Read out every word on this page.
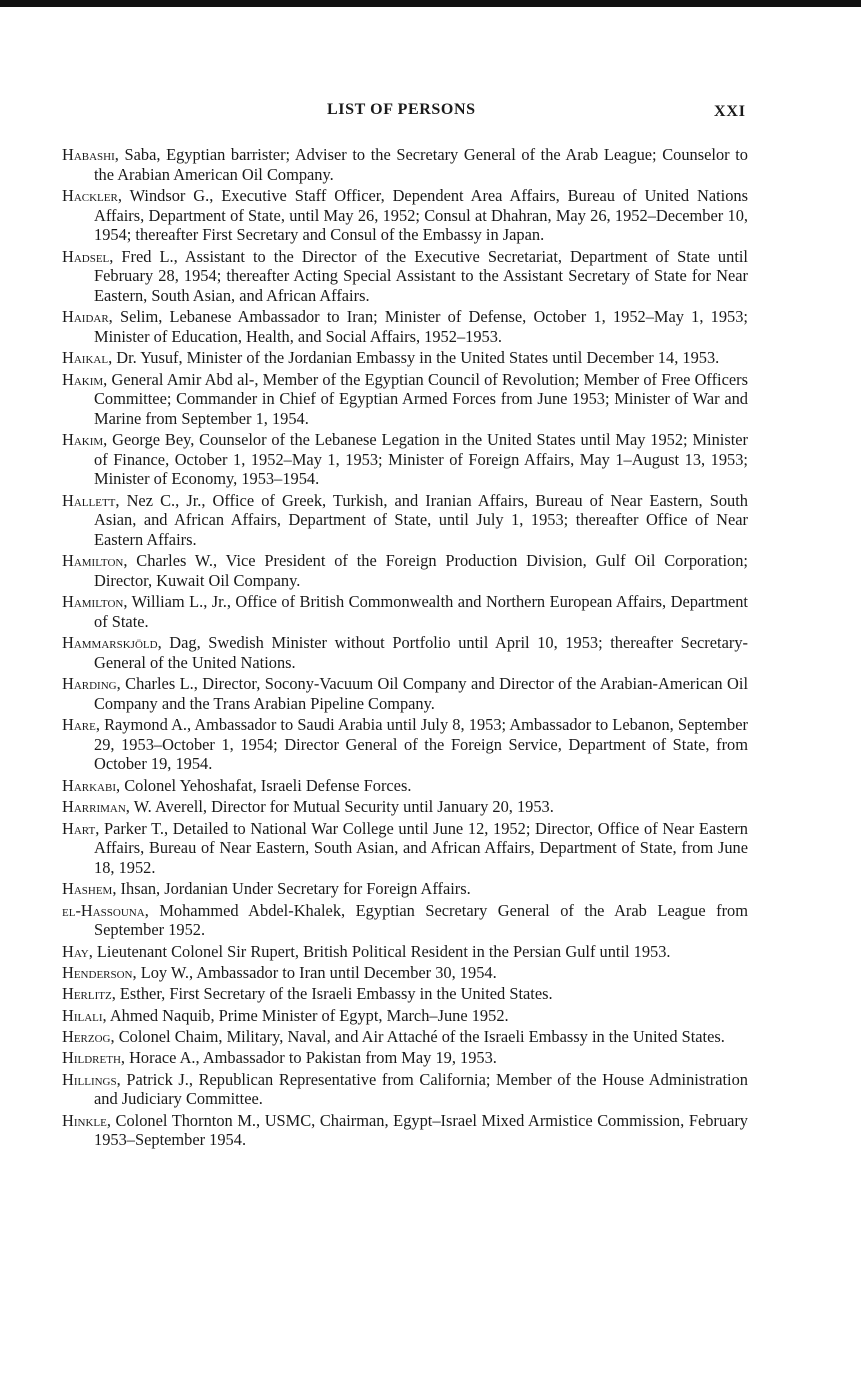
LIST OF PERSONS	XXI
Habashi, Saba, Egyptian barrister; Adviser to the Secretary General of the Arab League; Counselor to the Arabian American Oil Company.
Hackler, Windsor G., Executive Staff Officer, Dependent Area Affairs, Bureau of United Nations Affairs, Department of State, until May 26, 1952; Consul at Dhahran, May 26, 1952–December 10, 1954; thereafter First Secretary and Consul of the Embassy in Japan.
Hadsel, Fred L., Assistant to the Director of the Executive Secretariat, Department of State until February 28, 1954; thereafter Acting Special Assistant to the Assistant Secretary of State for Near Eastern, South Asian, and African Affairs.
Haidar, Selim, Lebanese Ambassador to Iran; Minister of Defense, October 1, 1952–May 1, 1953; Minister of Education, Health, and Social Affairs, 1952–1953.
Haikal, Dr. Yusuf, Minister of the Jordanian Embassy in the United States until December 14, 1953.
Hakim, General Amir Abd al-, Member of the Egyptian Council of Revolution; Member of Free Officers Committee; Commander in Chief of Egyptian Armed Forces from June 1953; Minister of War and Marine from September 1, 1954.
Hakim, George Bey, Counselor of the Lebanese Legation in the United States until May 1952; Minister of Finance, October 1, 1952–May 1, 1953; Minister of Foreign Affairs, May 1–August 13, 1953; Minister of Economy, 1953–1954.
Hallett, Nez C., Jr., Office of Greek, Turkish, and Iranian Affairs, Bureau of Near Eastern, South Asian, and African Affairs, Department of State, until July 1, 1953; thereafter Office of Near Eastern Affairs.
Hamilton, Charles W., Vice President of the Foreign Production Division, Gulf Oil Corporation; Director, Kuwait Oil Company.
Hamilton, William L., Jr., Office of British Commonwealth and Northern European Affairs, Department of State.
Hammarskjöld, Dag, Swedish Minister without Portfolio until April 10, 1953; thereafter Secretary-General of the United Nations.
Harding, Charles L., Director, Socony-Vacuum Oil Company and Director of the Arabian-American Oil Company and the Trans Arabian Pipeline Company.
Hare, Raymond A., Ambassador to Saudi Arabia until July 8, 1953; Ambassador to Lebanon, September 29, 1953–October 1, 1954; Director General of the Foreign Service, Department of State, from October 19, 1954.
Harkabi, Colonel Yehoshafat, Israeli Defense Forces.
Harriman, W. Averell, Director for Mutual Security until January 20, 1953.
Hart, Parker T., Detailed to National War College until June 12, 1952; Director, Office of Near Eastern Affairs, Bureau of Near Eastern, South Asian, and African Affairs, Department of State, from June 18, 1952.
Hashem, Ihsan, Jordanian Under Secretary for Foreign Affairs.
el-Hassouna, Mohammed Abdel-Khalek, Egyptian Secretary General of the Arab League from September 1952.
Hay, Lieutenant Colonel Sir Rupert, British Political Resident in the Persian Gulf until 1953.
Henderson, Loy W., Ambassador to Iran until December 30, 1954.
Herlitz, Esther, First Secretary of the Israeli Embassy in the United States.
Hilali, Ahmed Naquib, Prime Minister of Egypt, March–June 1952.
Herzog, Colonel Chaim, Military, Naval, and Air Attaché of the Israeli Embassy in the United States.
Hildreth, Horace A., Ambassador to Pakistan from May 19, 1953.
Hillings, Patrick J., Republican Representative from California; Member of the House Administration and Judiciary Committee.
Hinkle, Colonel Thornton M., USMC, Chairman, Egypt–Israel Mixed Armistice Commission, February 1953–September 1954.
